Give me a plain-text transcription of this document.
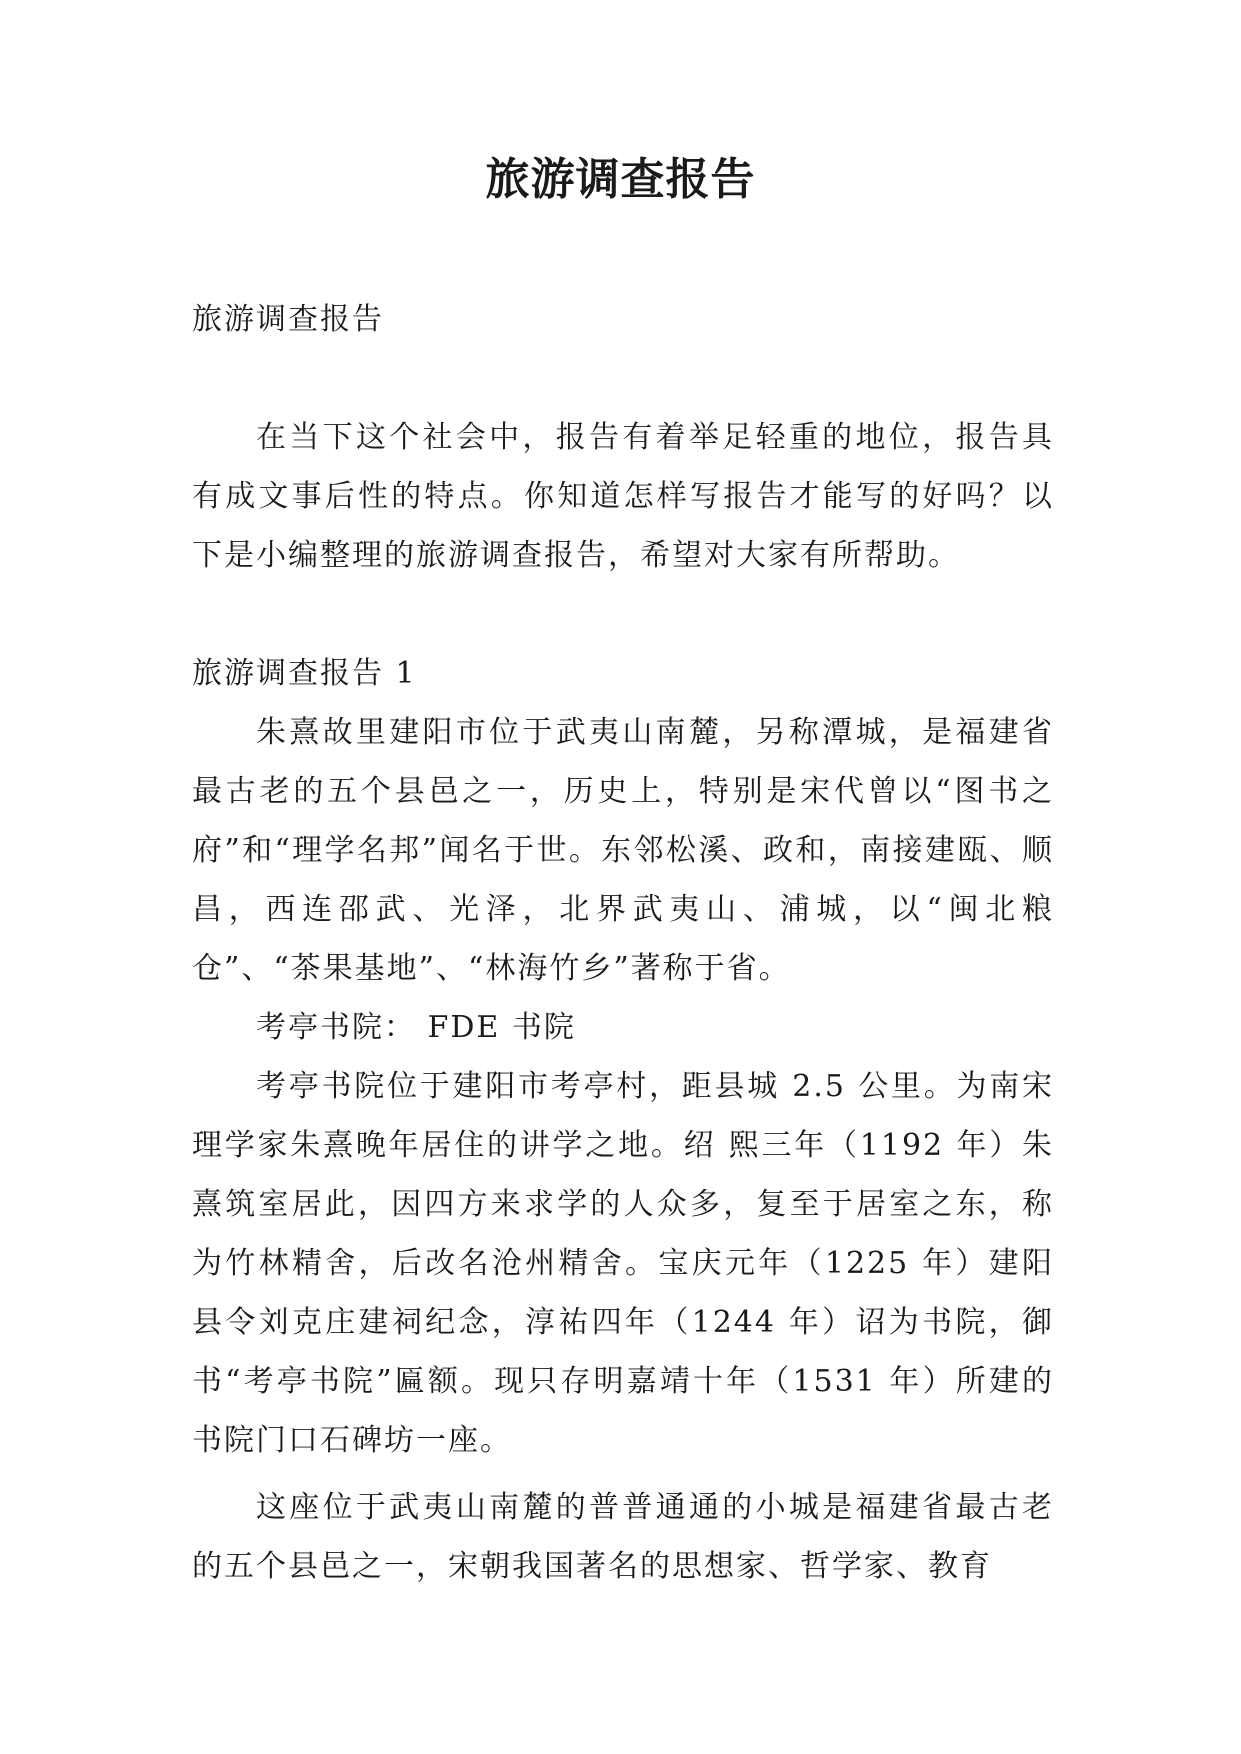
旅游调查报告

旅游调查报告

在当下这个社会中，报告有着举足轻重的地位，报告具有成文事后性的特点。你知道怎样写报告才能写的好吗？以下是小编整理的旅游调查报告，希望对大家有所帮助。

旅游调查报告 1

朱熹故里建阳市位于武夷山南麓，另称潭城，是福建省最古老的五个县邑之一，历史上，特别是宋代曾以“图书之府”和“理学名邦”闻名于世。东邻松溪、政和，南接建瓯、顺昌，西连邵武、光泽，北界武夷山、浦城，以“闽北粮仓”、“茶果基地”、“林海竹乡”著称于省。

考亭书院： FDE 书院

考亭书院位于建阳市考亭村，距县城 2.5 公里。为南宋理学家朱熹晚年居住的讲学之地。绍 熙三年（1192 年）朱熹筑室居此，因四方来求学的人众多，复至于居室之东，称为竹林精舍，后改名沧州精舍。宝庆元年（1225 年）建阳县令刘克庄建祠纪念，淳祐四年（1244 年）诏为书院，御书“考亭书院”匾额。现只存明嘉靖十年（1531 年）所建的书院门口石碑坊一座。

这座位于武夷山南麓的普普通通的小城是福建省最古老的五个县邑之一，宋朝我国著名的思想家、哲学家、教育
